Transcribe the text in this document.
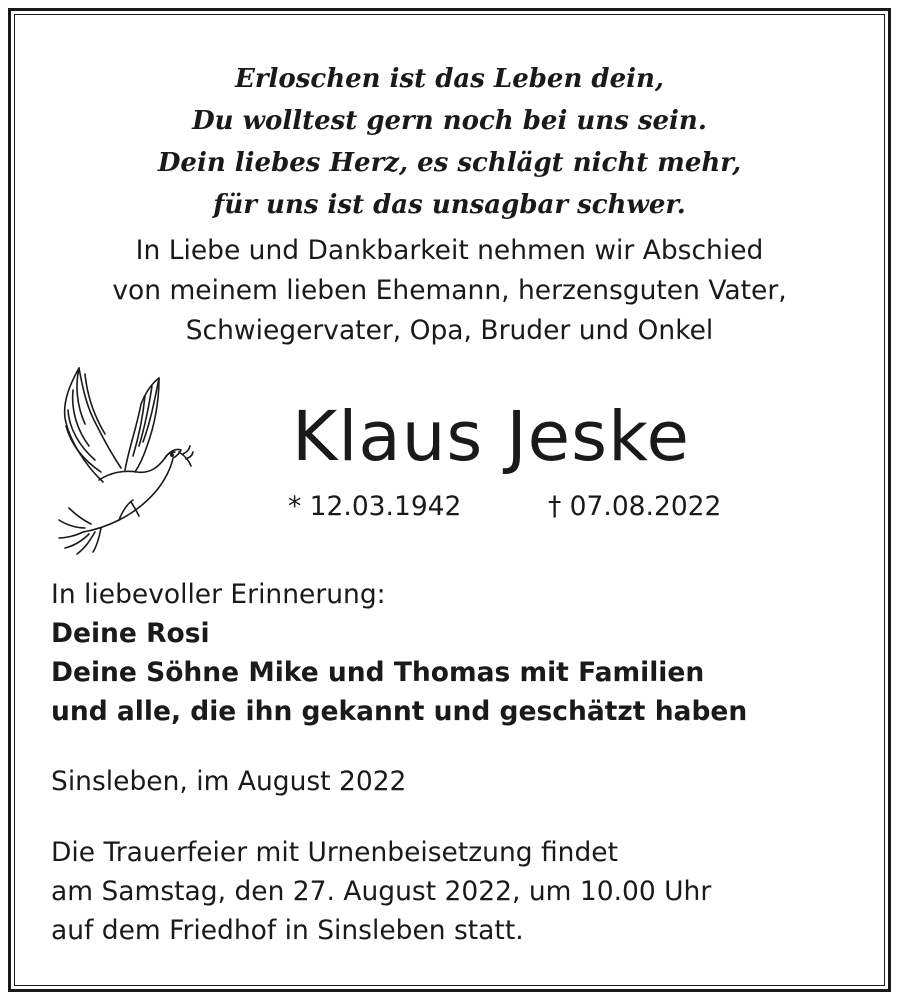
Erloschen ist das Leben dein,
Du wolltest gern noch bei uns sein.
Dein liebes Herz, es schlägt nicht mehr,
für uns ist das unsagbar schwer.
In Liebe und Dankbarkeit nehmen wir Abschied
von meinem lieben Ehemann, herzensguten Vater,
Schwiegervater, Opa, Bruder und Onkel
Klaus Jeske
* 12.03.1942	† 07.08.2022
In liebevoller Erinnerung:
Deine Rosi
Deine Söhne Mike und Thomas mit Familien
und alle, die ihn gekannt und geschätzt haben
Sinsleben, im August 2022
Die Trauerfeier mit Urnenbeisetzung findet
am Samstag, den 27. August 2022, um 10.00 Uhr
auf dem Friedhof in Sinsleben statt.
